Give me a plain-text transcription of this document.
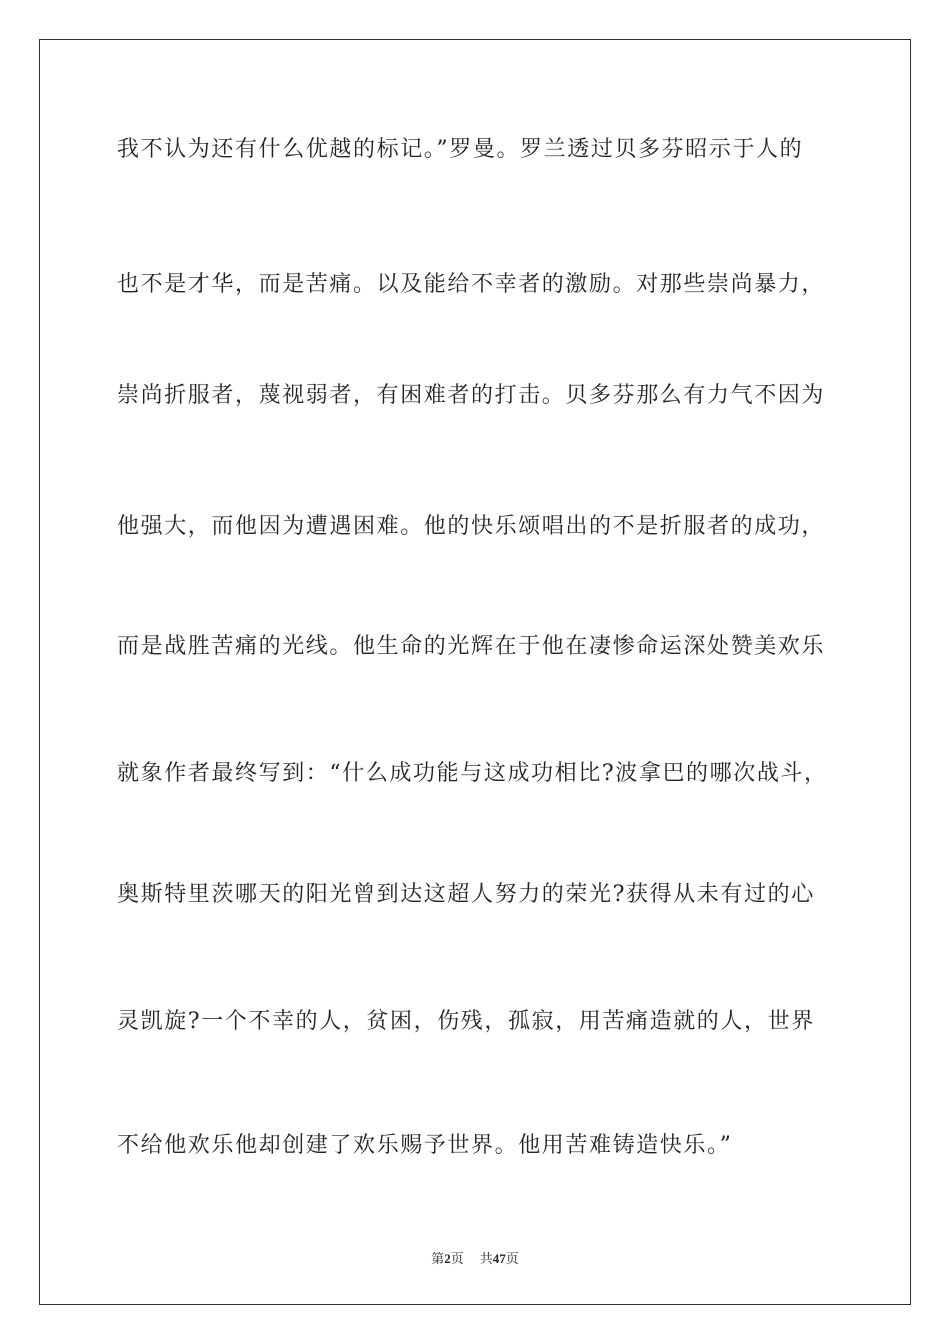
我不认为还有什么优越的标记。”罗曼。罗兰透过贝多芬昭示于人的
也不是才华，而是苦痛。以及能给不幸者的激励。对那些崇尚暴力，
崇尚折服者，蔑视弱者，有困难者的打击。贝多芬那么有力气不因为
他强大，而他因为遭遇困难。他的快乐颂唱出的不是折服者的成功，
而是战胜苦痛的光线。他生命的光辉在于他在凄惨命运深处赞美欢乐
就象作者最终写到：“什么成功能与这成功相比?波拿巴的哪次战斗，
奥斯特里茨哪天的阳光曾到达这超人努力的荣光?获得从未有过的心
灵凯旋?一个不幸的人，贫困，伤残，孤寂，用苦痛造就的人，世界
不给他欢乐他却创建了欢乐赐予世界。他用苦难铸造快乐。”
第2页 共47页
